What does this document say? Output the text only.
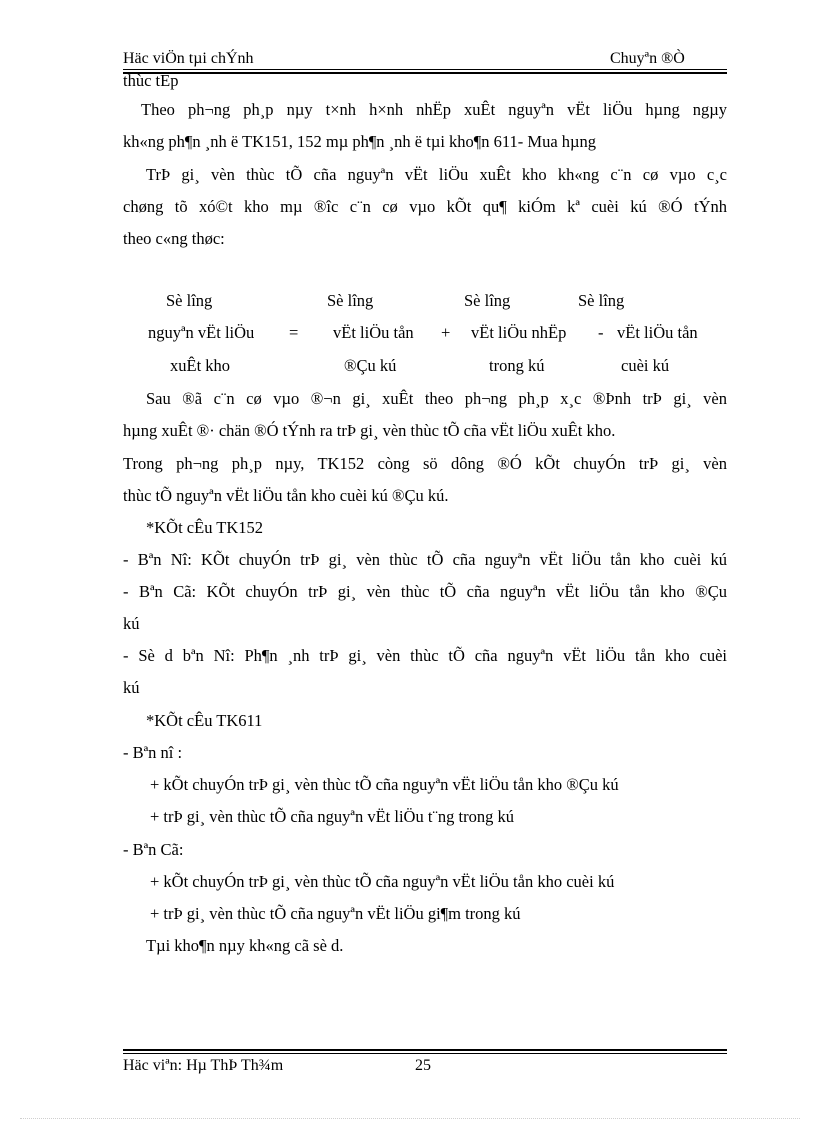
Häc viÖn tµi chÝnh	Chuyªn ®Ò
thùc tËp
Theo ph¬ng ph¸p nµy t×nh h×nh nhËp xuÊt nguyªn vËt liÖu hµng ngµy
kh«ng ph¶n ¸nh ë TK151, 152 mµ ph¶n ¸nh ë tµi kho¶n 611- Mua hµng
TrÞ gi¸ vèn thùc tÕ cña nguyªn vËt liÖu xuÊt kho kh«ng c¨n cø vµo c¸c
chøng tõ xó©t kho mµ ®îc c¨n cø vµo kÕt qu¶ kiÓm kª cuèi kú ®Ó tÝnh
theo c«ng thøc:
Sè lîng
nguyªn vËt liÖu
xuÊt kho
=
Sè lîng
vËt liÖu tån
®Çu kú
+
Sè lîng
vËt liÖu nhËp
trong kú
-
Sè lîng
vËt liÖu tån
cuèi kú
Sau ®ã c¨n cø vµo ®¬n gi¸ xuÊt theo ph¬ng ph¸p x¸c ®Þnh trÞ gi¸ vèn
hµng xuÊt ®· chän ®Ó tÝnh ra trÞ gi¸ vèn thùc tÕ cña vËt liÖu xuÊt kho.
Trong ph¬ng ph¸p nµy, TK152 còng sö dông ®Ó kÕt chuyÓn trÞ gi¸ vèn
thùc tÕ nguyªn vËt liÖu tån kho cuèi kú ®Çu kú.
*KÕt cÊu TK152
- Bªn Nî: KÕt chuyÓn trÞ gi¸ vèn thùc tÕ cña nguyªn vËt liÖu tån kho cuèi kú
- Bªn Cã: KÕt chuyÓn trÞ gi¸ vèn thùc tÕ cña nguyªn vËt liÖu tån kho ®Çu
kú
- Sè d bªn Nî: Ph¶n ¸nh trÞ gi¸ vèn thùc tÕ cña nguyªn vËt liÖu tån kho cuèi
kú
*KÕt cÊu TK611
- Bªn nî :
+ kÕt chuyÓn trÞ gi¸ vèn thùc tÕ cña nguyªn vËt liÖu tån kho ®Çu kú
+ trÞ gi¸ vèn thùc tÕ cña nguyªn vËt liÖu t¨ng trong kú
- Bªn Cã:
+ kÕt chuyÓn trÞ gi¸ vèn thùc tÕ cña nguyªn vËt liÖu tån kho cuèi kú
+ trÞ gi¸ vèn thùc tÕ cña nguyªn vËt liÖu gi¶m trong kú
Tµi kho¶n nµy kh«ng cã sè d.
Häc viªn: Hµ ThÞ Th¾m	25
